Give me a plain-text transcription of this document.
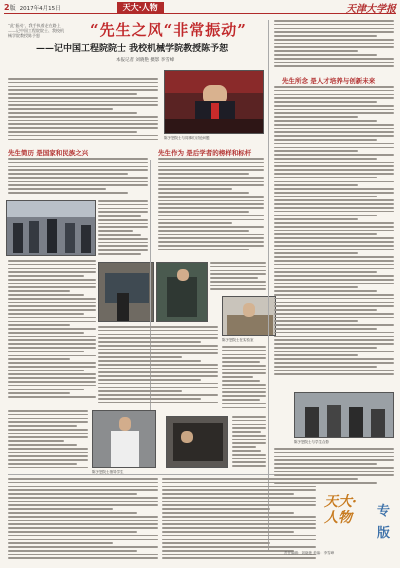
2版 2017年4月15日	天大·人物	天津大学报
“此‘振动’，我手执着走在路上——记中国工程院院士、我校机械学院教授陈予恕	“先生之风“非常振动”
——记中国工程院院士 我校机械学院教授陈予恕
本报记者 刘晓艳 摄影 李雪峰
陈予恕院士与同事们讨论问题
陈予恕院士在实验室
陈予恕院士指导学生
陈予恕院士与学生合影
先生作为 是后学者的榜样和标杆
先生简历 是国家和民族之兴
先生所念 是人才培养与创新未来
天大·
人物	专
版
责任编辑：刘晓艳 美编：李雪峰
